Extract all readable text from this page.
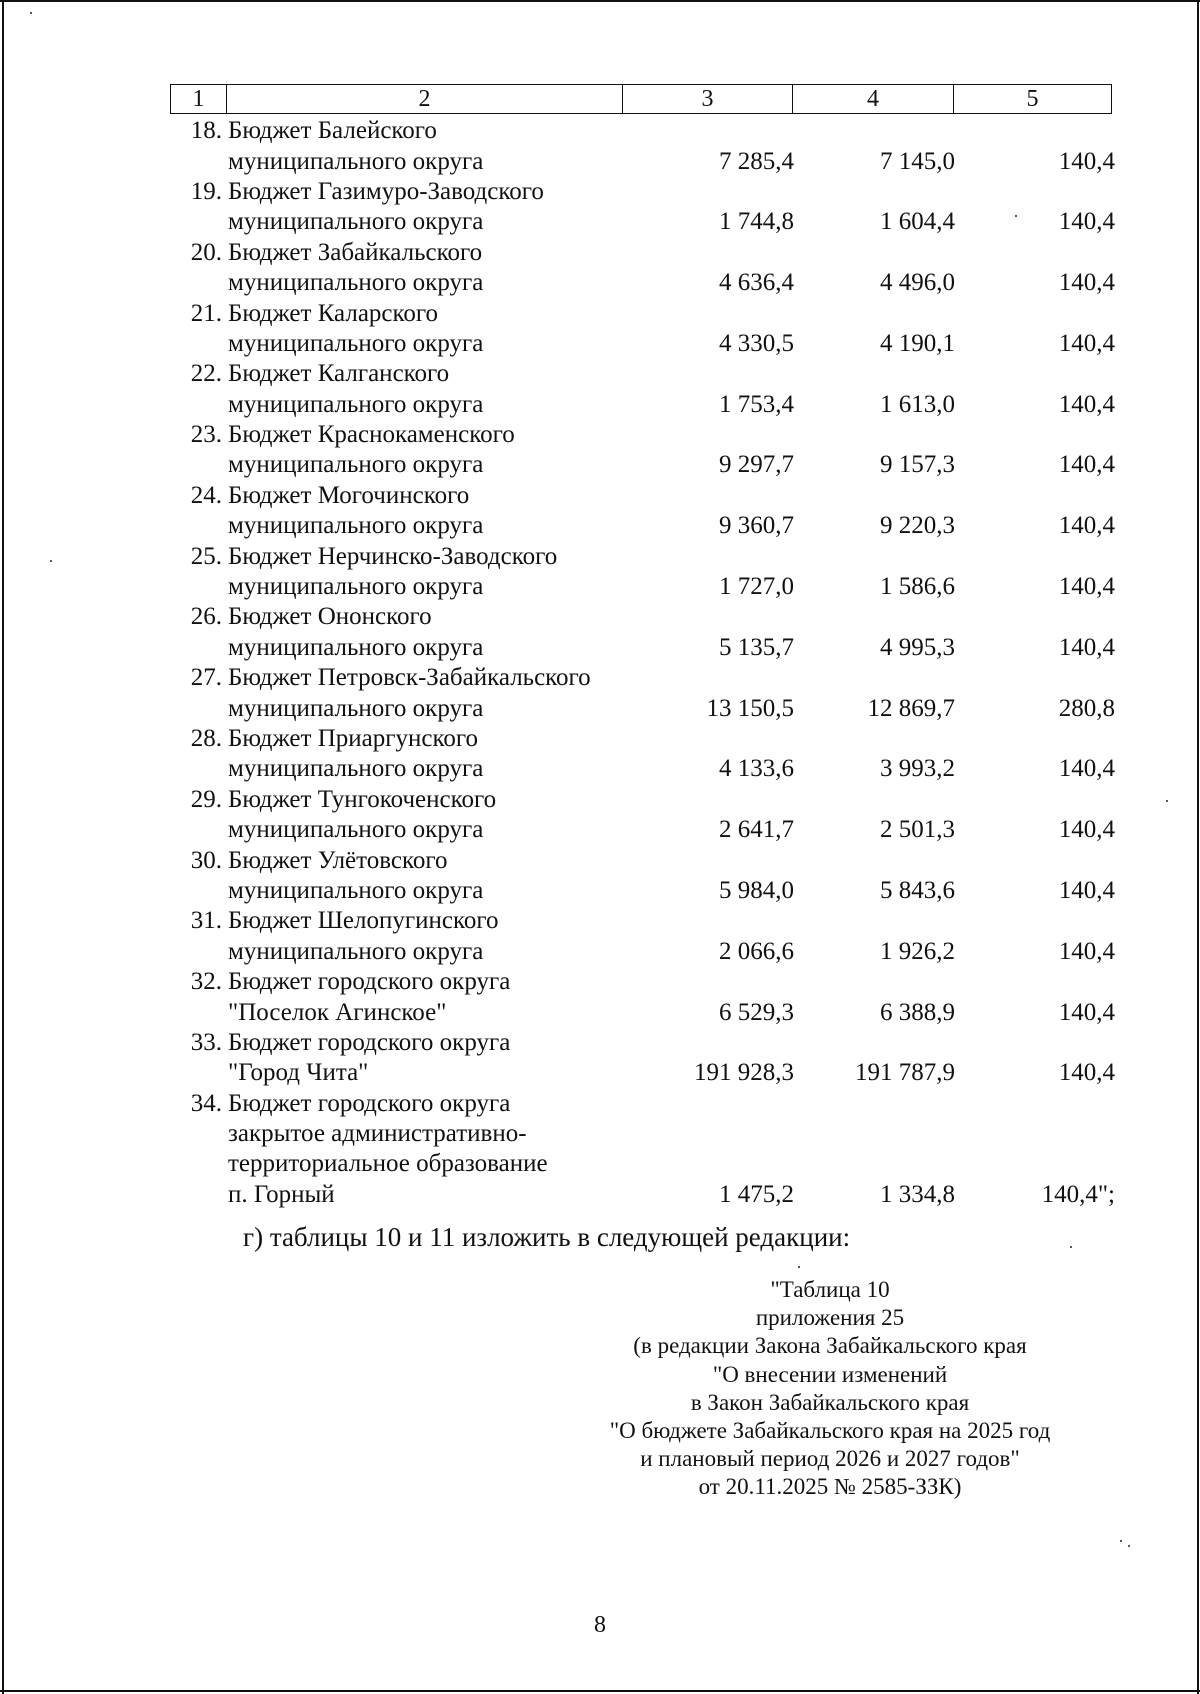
1	2	3	4	5
18. Бюджет Балейского
муниципального округа	7 285,4	7 145,0	140,4
19. Бюджет Газимуро-Заводского
муниципального округа	1 744,8	1 604,4	140,4
20. Бюджет Забайкальского
муниципального округа	4 636,4	4 496,0	140,4
21. Бюджет Каларского
муниципального округа	4 330,5	4 190,1	140,4
22. Бюджет Калганского
муниципального округа	1 753,4	1 613,0	140,4
23. Бюджет Краснокаменского
муниципального округа	9 297,7	9 157,3	140,4
24. Бюджет Могочинского
муниципального округа	9 360,7	9 220,3	140,4
25. Бюджет Нерчинско-Заводского
муниципального округа	1 727,0	1 586,6	140,4
26. Бюджет Ононского
муниципального округа	5 135,7	4 995,3	140,4
27. Бюджет Петровск-Забайкальского
муниципального округа	13 150,5	12 869,7	280,8
28. Бюджет Приаргунского
муниципального округа	4 133,6	3 993,2	140,4
29. Бюджет Тунгокоченского
муниципального округа	2 641,7	2 501,3	140,4
30. Бюджет Улётовского
муниципального округа	5 984,0	5 843,6	140,4
31. Бюджет Шелопугинского
муниципального округа	2 066,6	1 926,2	140,4
32. Бюджет городского округа
"Поселок Агинское"	6 529,3	6 388,9	140,4
33. Бюджет городского округа
"Город Чита"	191 928,3	191 787,9	140,4
34. Бюджет городского округа
закрытое административно-
территориальное образование
п. Горный	1 475,2	1 334,8	140,4";
г) таблицы 10 и 11 изложить в следующей редакции:
"Таблица 10
приложения 25
(в редакции Закона Забайкальского края
"О внесении изменений
в Закон Забайкальского края
"О бюджете Забайкальского края на 2025 год
и плановый период 2026 и 2027 годов"
от 20.11.2025 № 2585-ЗЗК)
8
